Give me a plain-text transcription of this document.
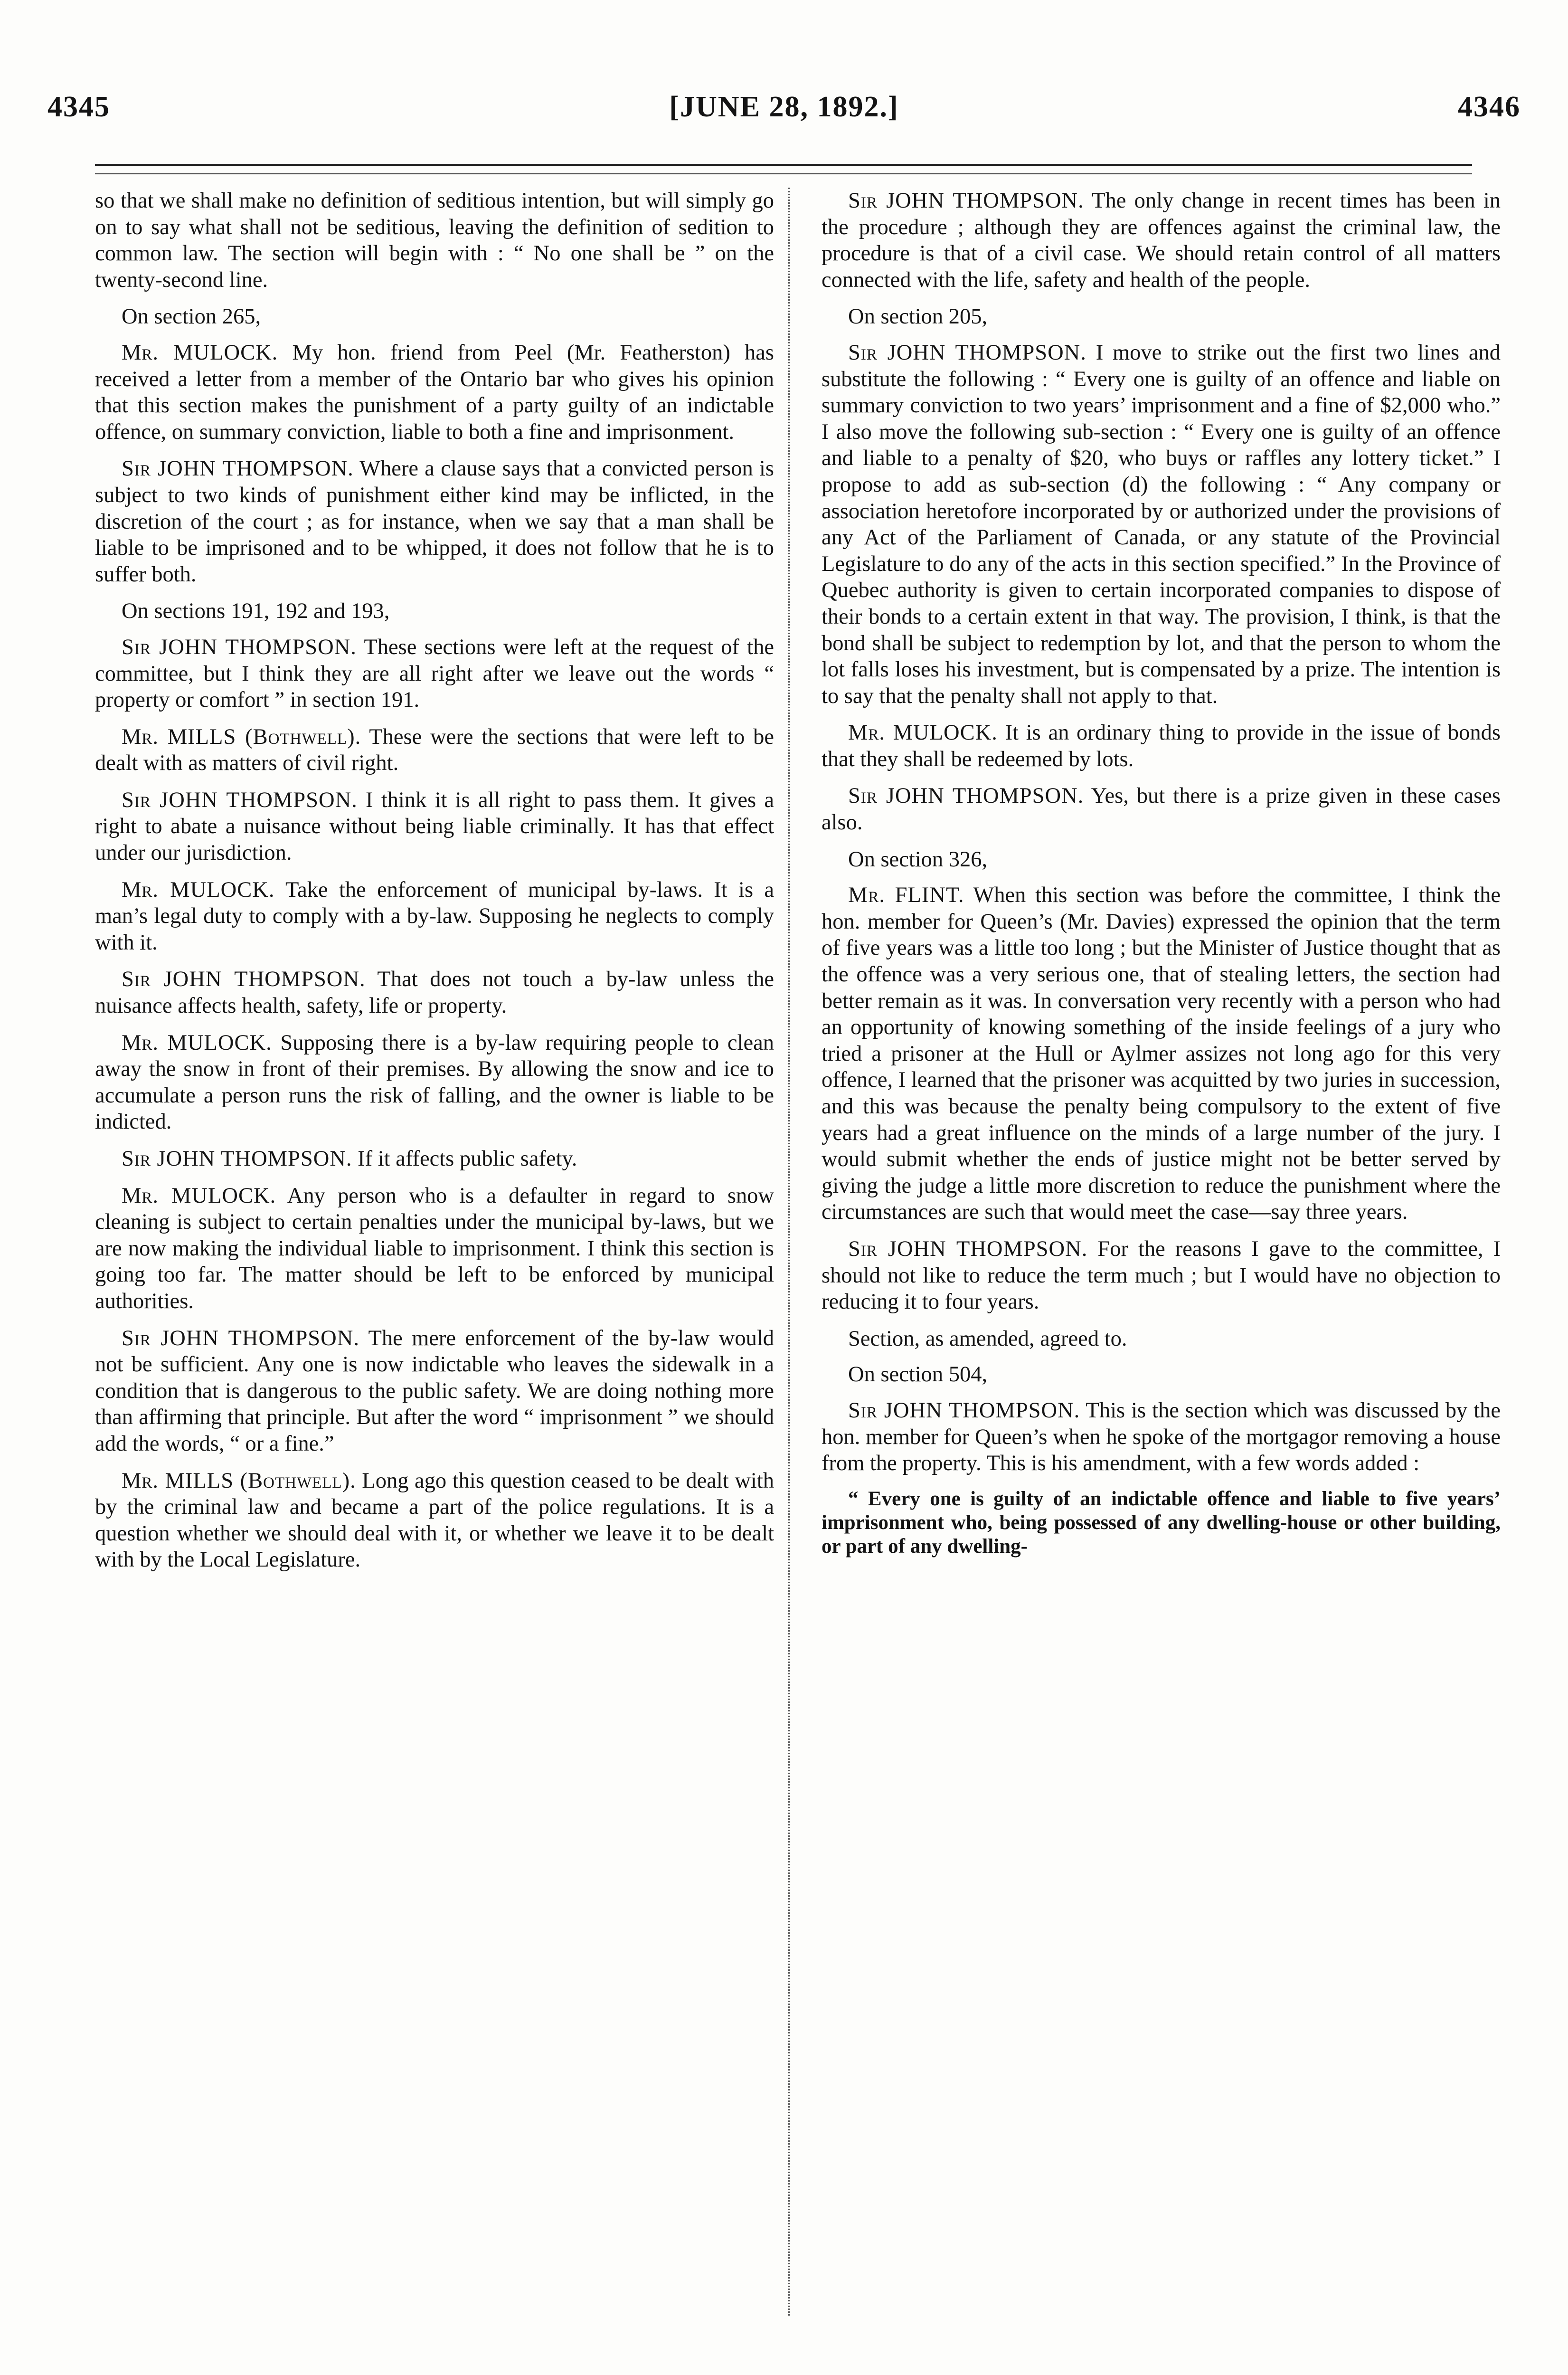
4345	[JUNE 28, 1892.]	4346

so that we shall make no definition of seditious intention, but will simply go on to say what shall not be seditious, leaving the definition of sedition to common law. The section will begin with : “ No one shall be ” on the twenty-second line.

On section 265,

Mr. MULOCK. My hon. friend from Peel (Mr. Featherston) has received a letter from a member of the Ontario bar who gives his opinion that this section makes the punishment of a party guilty of an indictable offence, on summary conviction, liable to both a fine and imprisonment.

Sir JOHN THOMPSON. Where a clause says that a convicted person is subject to two kinds of punishment either kind may be inflicted, in the discretion of the court ; as for instance, when we say that a man shall be liable to be imprisoned and to be whipped, it does not follow that he is to suffer both.

On sections 191, 192 and 193,

Sir JOHN THOMPSON. These sections were left at the request of the committee, but I think they are all right after we leave out the words “ property or comfort ” in section 191.

Mr. MILLS (Bothwell). These were the sections that were left to be dealt with as matters of civil right.

Sir JOHN THOMPSON. I think it is all right to pass them. It gives a right to abate a nuisance without being liable criminally. It has that effect under our jurisdiction.

Mr. MULOCK. Take the enforcement of municipal by-laws. It is a man’s legal duty to comply with a by-law. Supposing he neglects to comply with it.

Sir JOHN THOMPSON. That does not touch a by-law unless the nuisance affects health, safety, life or property.

Mr. MULOCK. Supposing there is a by-law requiring people to clean away the snow in front of their premises. By allowing the snow and ice to accumulate a person runs the risk of falling, and the owner is liable to be indicted.

Sir JOHN THOMPSON. If it affects public safety.

Mr. MULOCK. Any person who is a defaulter in regard to snow cleaning is subject to certain penalties under the municipal by-laws, but we are now making the individual liable to imprisonment. I think this section is going too far. The matter should be left to be enforced by municipal authorities.

Sir JOHN THOMPSON. The mere enforcement of the by-law would not be sufficient. Any one is now indictable who leaves the sidewalk in a condition that is dangerous to the public safety. We are doing nothing more than affirming that principle. But after the word “ imprisonment ” we should add the words, “ or a fine.”

Mr. MILLS (Bothwell). Long ago this question ceased to be dealt with by the criminal law and became a part of the police regulations. It is a question whether we should deal with it, or whether we leave it to be dealt with by the Local Legislature.

Sir JOHN THOMPSON. The only change in recent times has been in the procedure ; although they are offences against the criminal law, the procedure is that of a civil case. We should retain control of all matters connected with the life, safety and health of the people.

On section 205,

Sir JOHN THOMPSON. I move to strike out the first two lines and substitute the following : “ Every one is guilty of an offence and liable on summary conviction to two years’ imprisonment and a fine of $2,000 who.” I also move the following sub-section : “ Every one is guilty of an offence and liable to a penalty of $20, who buys or raffles any lottery ticket.” I propose to add as sub-section (d) the following : “ Any company or association heretofore incorporated by or authorized under the provisions of any Act of the Parliament of Canada, or any statute of the Provincial Legislature to do any of the acts in this section specified.” In the Province of Quebec authority is given to certain incorporated companies to dispose of their bonds to a certain extent in that way. The provision, I think, is that the bond shall be subject to redemption by lot, and that the person to whom the lot falls loses his investment, but is compensated by a prize. The intention is to say that the penalty shall not apply to that.

Mr. MULOCK. It is an ordinary thing to provide in the issue of bonds that they shall be redeemed by lots.

Sir JOHN THOMPSON. Yes, but there is a prize given in these cases also.

On section 326,

Mr. FLINT. When this section was before the committee, I think the hon. member for Queen’s (Mr. Davies) expressed the opinion that the term of five years was a little too long ; but the Minister of Justice thought that as the offence was a very serious one, that of stealing letters, the section had better remain as it was. In conversation very recently with a person who had an opportunity of knowing something of the inside feelings of a jury who tried a prisoner at the Hull or Aylmer assizes not long ago for this very offence, I learned that the prisoner was acquitted by two juries in succession, and this was because the penalty being compulsory to the extent of five years had a great influence on the minds of a large number of the jury. I would submit whether the ends of justice might not be better served by giving the judge a little more discretion to reduce the punishment where the circumstances are such that would meet the case—say three years.

Sir JOHN THOMPSON. For the reasons I gave to the committee, I should not like to reduce the term much ; but I would have no objection to reducing it to four years.

Section, as amended, agreed to.

On section 504,

Sir JOHN THOMPSON. This is the section which was discussed by the hon. member for Queen’s when he spoke of the mortgagor removing a house from the property. This is his amendment, with a few words added :

“ Every one is guilty of an indictable offence and liable to five years’ imprisonment who, being possessed of any dwelling-house or other building, or part of any dwelling-
